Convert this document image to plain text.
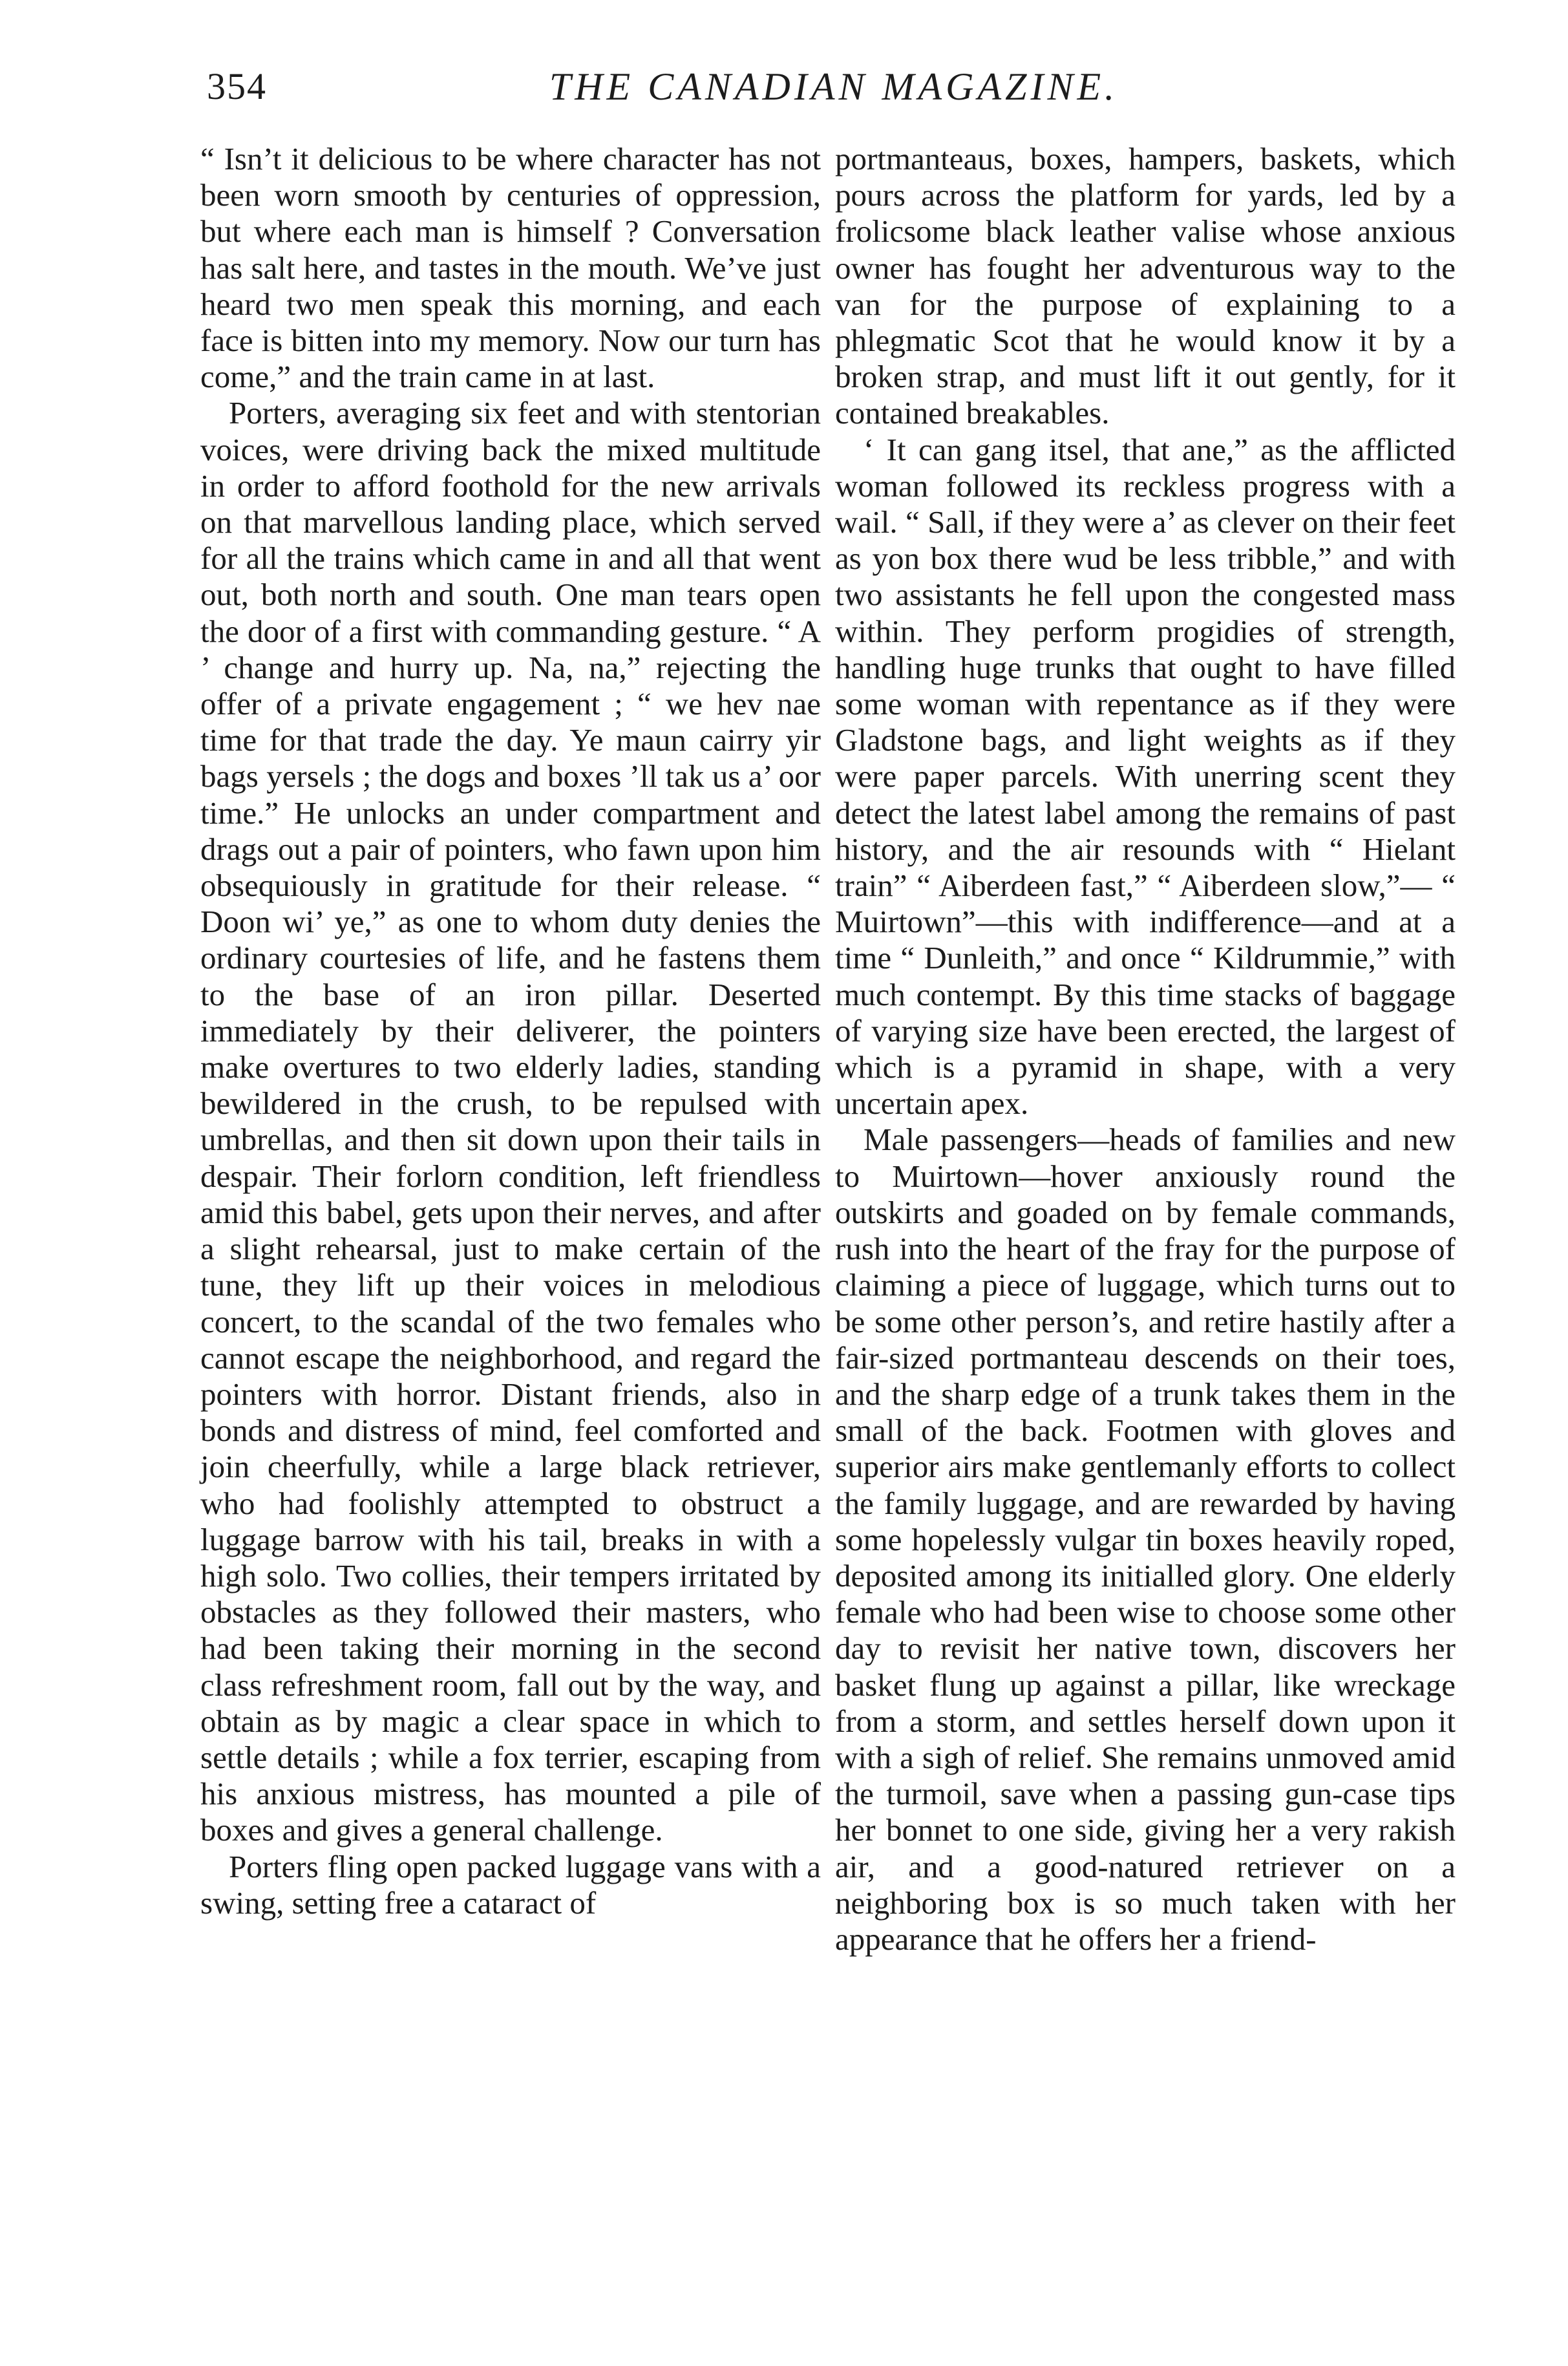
354	THE CANADIAN MAGAZINE.

“ Isn’t it delicious to be where character has not been worn smooth by centuries of oppression, but where each man is himself ? Conversation has salt here, and tastes in the mouth. We’ve just heard two men speak this morning, and each face is bitten into my memory. Now our turn has come,” and the train came in at last.

Porters, averaging six feet and with stentorian voices, were driving back the mixed multitude in order to afford foothold for the new arrivals on that marvellous landing place, which served for all the trains which came in and all that went out, both north and south. One man tears open the door of a first with commanding gesture. “ A ’ change and hurry up. Na, na,” rejecting the offer of a private engagement ; “ we hev nae time for that trade the day. Ye maun cairry yir bags yersels ; the dogs and boxes ’ll tak us a’ oor time.” He unlocks an under compartment and drags out a pair of pointers, who fawn upon him obsequiously in gratitude for their release. “ Doon wi’ ye,” as one to whom duty denies the ordinary courtesies of life, and he fastens them to the base of an iron pillar. Deserted immediately by their deliverer, the pointers make overtures to two elderly ladies, standing bewildered in the crush, to be repulsed with umbrellas, and then sit down upon their tails in despair. Their forlorn condition, left friendless amid this babel, gets upon their nerves, and after a slight rehearsal, just to make certain of the tune, they lift up their voices in melodious concert, to the scandal of the two females who cannot escape the neighborhood, and regard the pointers with horror. Distant friends, also in bonds and distress of mind, feel comforted and join cheerfully, while a large black retriever, who had foolishly attempted to obstruct a luggage barrow with his tail, breaks in with a high solo. Two collies, their tempers irritated by obstacles as they followed their masters, who had been taking their morning in the second class refreshment room, fall out by the way, and obtain as by magic a clear space in which to settle details ; while a fox terrier, escaping from his anxious mistress, has mounted a pile of boxes and gives a general challenge.

Porters fling open packed luggage vans with a swing, setting free a cataract of

portmanteaus, boxes, hampers, baskets, which pours across the platform for yards, led by a frolicsome black leather valise whose anxious owner has fought her adventurous way to the van for the purpose of explaining to a phlegmatic Scot that he would know it by a broken strap, and must lift it out gently, for it contained breakables.

‘ It can gang itsel, that ane,” as the afflicted woman followed its reckless progress with a wail. “ Sall, if they were a’ as clever on their feet as yon box there wud be less tribble,” and with two assistants he fell upon the congested mass within. They perform progidies of strength, handling huge trunks that ought to have filled some woman with repentance as if they were Gladstone bags, and light weights as if they were paper parcels. With unerring scent they detect the latest label among the remains of past history, and the air resounds with “ Hielant train” “ Aiberdeen fast,” “ Aiberdeen slow,”— “ Muirtown”—this with indifference—and at a time “ Dunleith,” and once “ Kildrummie,” with much contempt. By this time stacks of baggage of varying size have been erected, the largest of which is a pyramid in shape, with a very uncertain apex.

Male passengers—heads of families and new to Muirtown—hover anxiously round the outskirts and goaded on by female commands, rush into the heart of the fray for the purpose of claiming a piece of luggage, which turns out to be some other person’s, and retire hastily after a fair-sized portmanteau descends on their toes, and the sharp edge of a trunk takes them in the small of the back. Footmen with gloves and superior airs make gentlemanly efforts to collect the family luggage, and are rewarded by having some hopelessly vulgar tin boxes heavily roped, deposited among its initialled glory. One elderly female who had been wise to choose some other day to revisit her native town, discovers her basket flung up against a pillar, like wreckage from a storm, and settles herself down upon it with a sigh of relief. She remains unmoved amid the turmoil, save when a passing gun-case tips her bonnet to one side, giving her a very rakish air, and a good-natured retriever on a neighboring box is so much taken with her appearance that he offers her a friend-
